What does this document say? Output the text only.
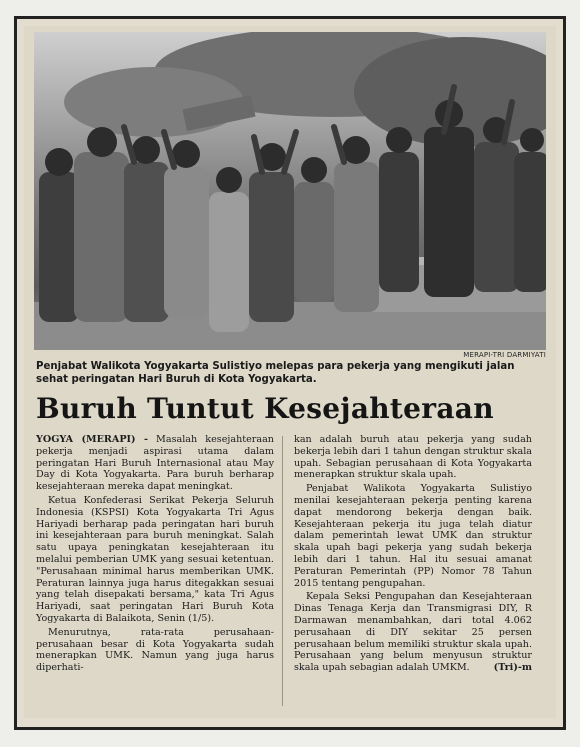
MERAPI-TRI DARMIYATI
Penjabat Walikota Yogyakarta Sulistiyo melepas para pekerja yang mengikuti jalan sehat peringatan Hari Buruh di Kota Yogyakarta.
Buruh Tuntut Kesejahteraan

YOGYA (MERAPI) - Masalah kesejahteraan pekerja menjadi aspirasi utama dalam peringatan Hari Buruh Internasional atau May Day di Kota Yogyakarta. Para buruh berharap kesejahteraan mereka dapat meningkat.

Ketua Konfederasi Serikat Pekerja Seluruh Indonesia (KSPSI) Kota Yogyakarta Tri Agus Hariyadi berharap pada peringatan hari buruh ini kesejahteraan para buruh meningkat. Salah satu upaya peningkatan kesejahteraan itu melalui pemberian UMK yang sesuai ketentuan. "Perusahaan minimal harus memberikan UMK. Peraturan lainnya juga harus ditegakkan sesuai yang telah disepakati bersama," kata Tri Agus Hariyadi, saat peringatan Hari Buruh Kota Yogyakarta di Balaikota, Senin (1/5).

Menurutnya, rata-rata perusahaan-perusahaan besar di Kota Yogyakarta sudah menerapkan UMK. Namun yang juga harus diperhati-

kan adalah buruh atau pekerja yang sudah bekerja lebih dari 1 tahun dengan struktur skala upah. Sebagian perusahaan di Kota Yogyakarta menerapkan struktur skala upah.

Penjabat Walikota Yogyakarta Sulistiyo menilai kesejahteraan pekerja penting karena dapat mendorong bekerja dengan baik. Kesejahteraan pekerja itu juga telah diatur dalam pemerintah lewat UMK dan struktur skala upah bagi pekerja yang sudah bekerja lebih dari 1 tahun. Hal itu sesuai amanat Peraturan Pemerintah (PP) Nomor 78 Tahun 2015 tentang pengupahan.

Kepala Seksi Pengupahan dan Kesejahteraan Dinas Tenaga Kerja dan Transmigrasi DIY, R Darmawan menambahkan, dari total 4.062 perusahaan di DIY sekitar 25 persen perusahaan belum memiliki struktur skala upah. Perusahaan yang belum menyusun struktur skala upah sebagian adalah UMKM.	(Tri)-m
